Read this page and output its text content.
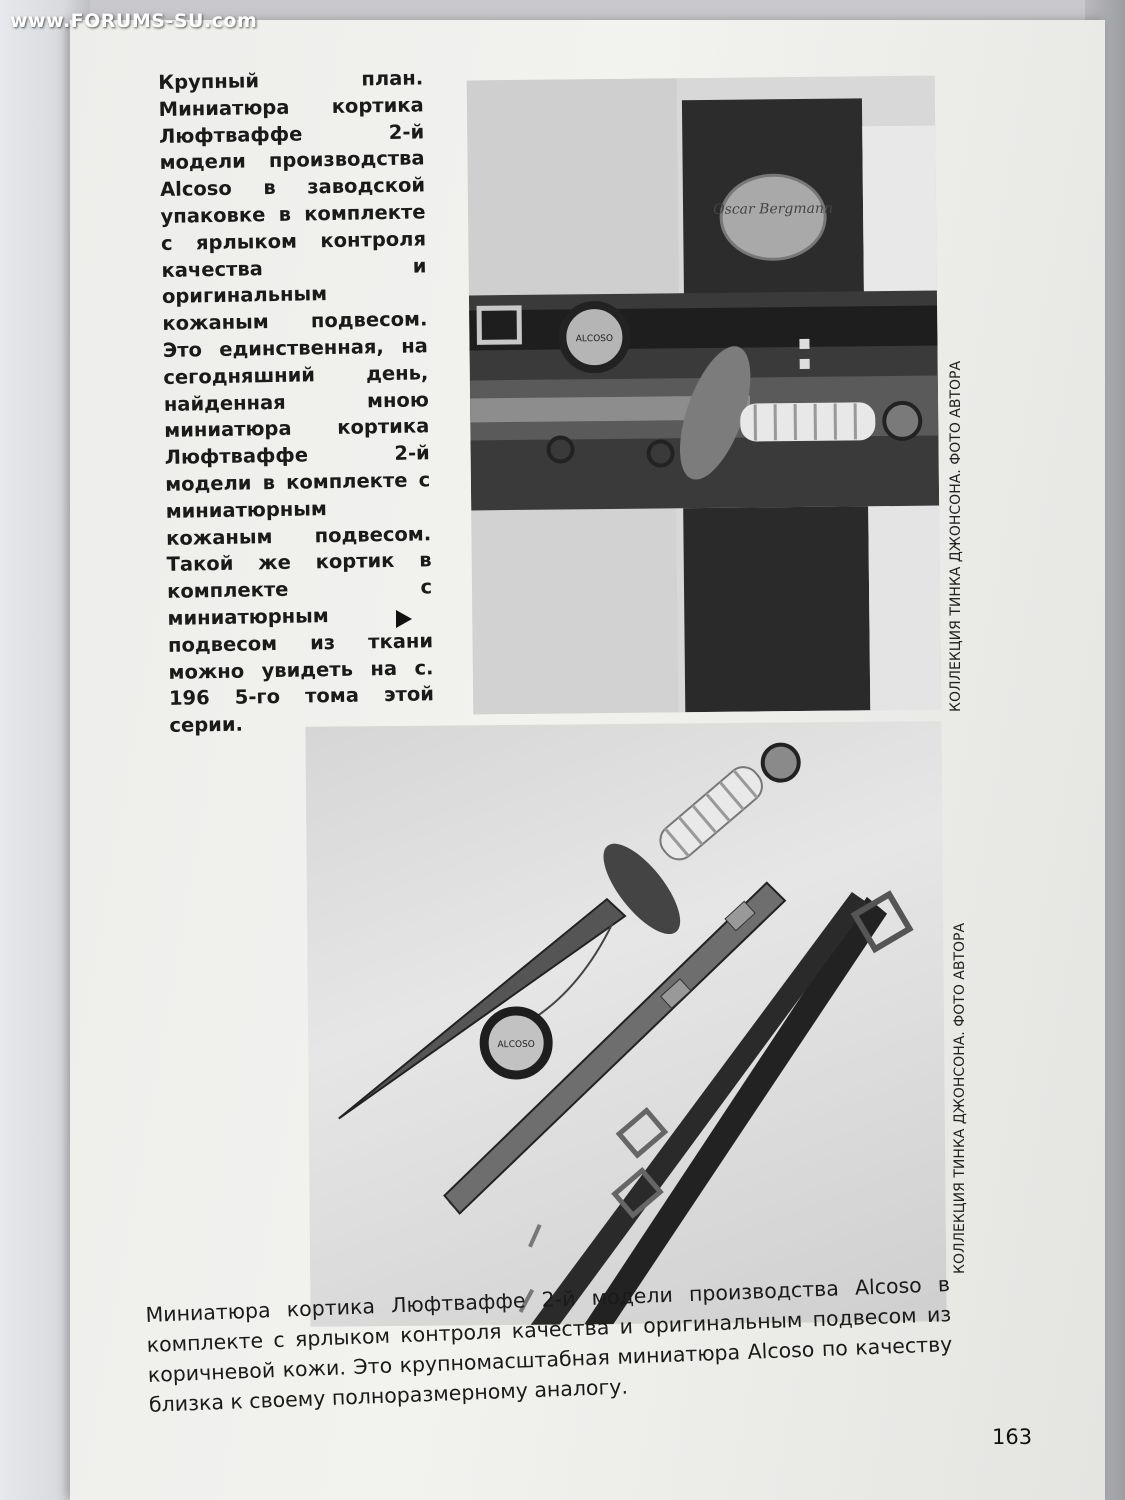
www.FORUMS-SU.com

Крупный план. Миниатюра кортика Люфтваффе 2-й модели производства Alcoso в заводской упаковке в комплекте с ярлыком контроля качества и оригинальным кожаным подвесом. Это единственная, на сегодняшний день, найденная мною миниатюра кортика Люфтваффе 2-й модели в комплекте с миниатюрным кожаным подвесом. Такой же кортик в комплекте с миниатюрным подвесом из ткани можно увидеть на с. 196 5-го тома этой серии.

Oscar Bergmann
ALCOSO

КОЛЛЕКЦИЯ ТИНКА ДЖОНСОНА. ФОТО АВТОРА

ALCOSO	КОЛЛЕКЦИЯ ТИНКА ДЖОНСОНА. ФОТО АВТОРА

Миниатюра кортика Люфтваффе 2-й модели производства Alcoso в комплекте с ярлыком контроля качества и оригинальным подвесом из коричневой кожи. Это крупномасштабная миниатюра Alcoso по качеству близка к своему полноразмерному аналогу.

163
